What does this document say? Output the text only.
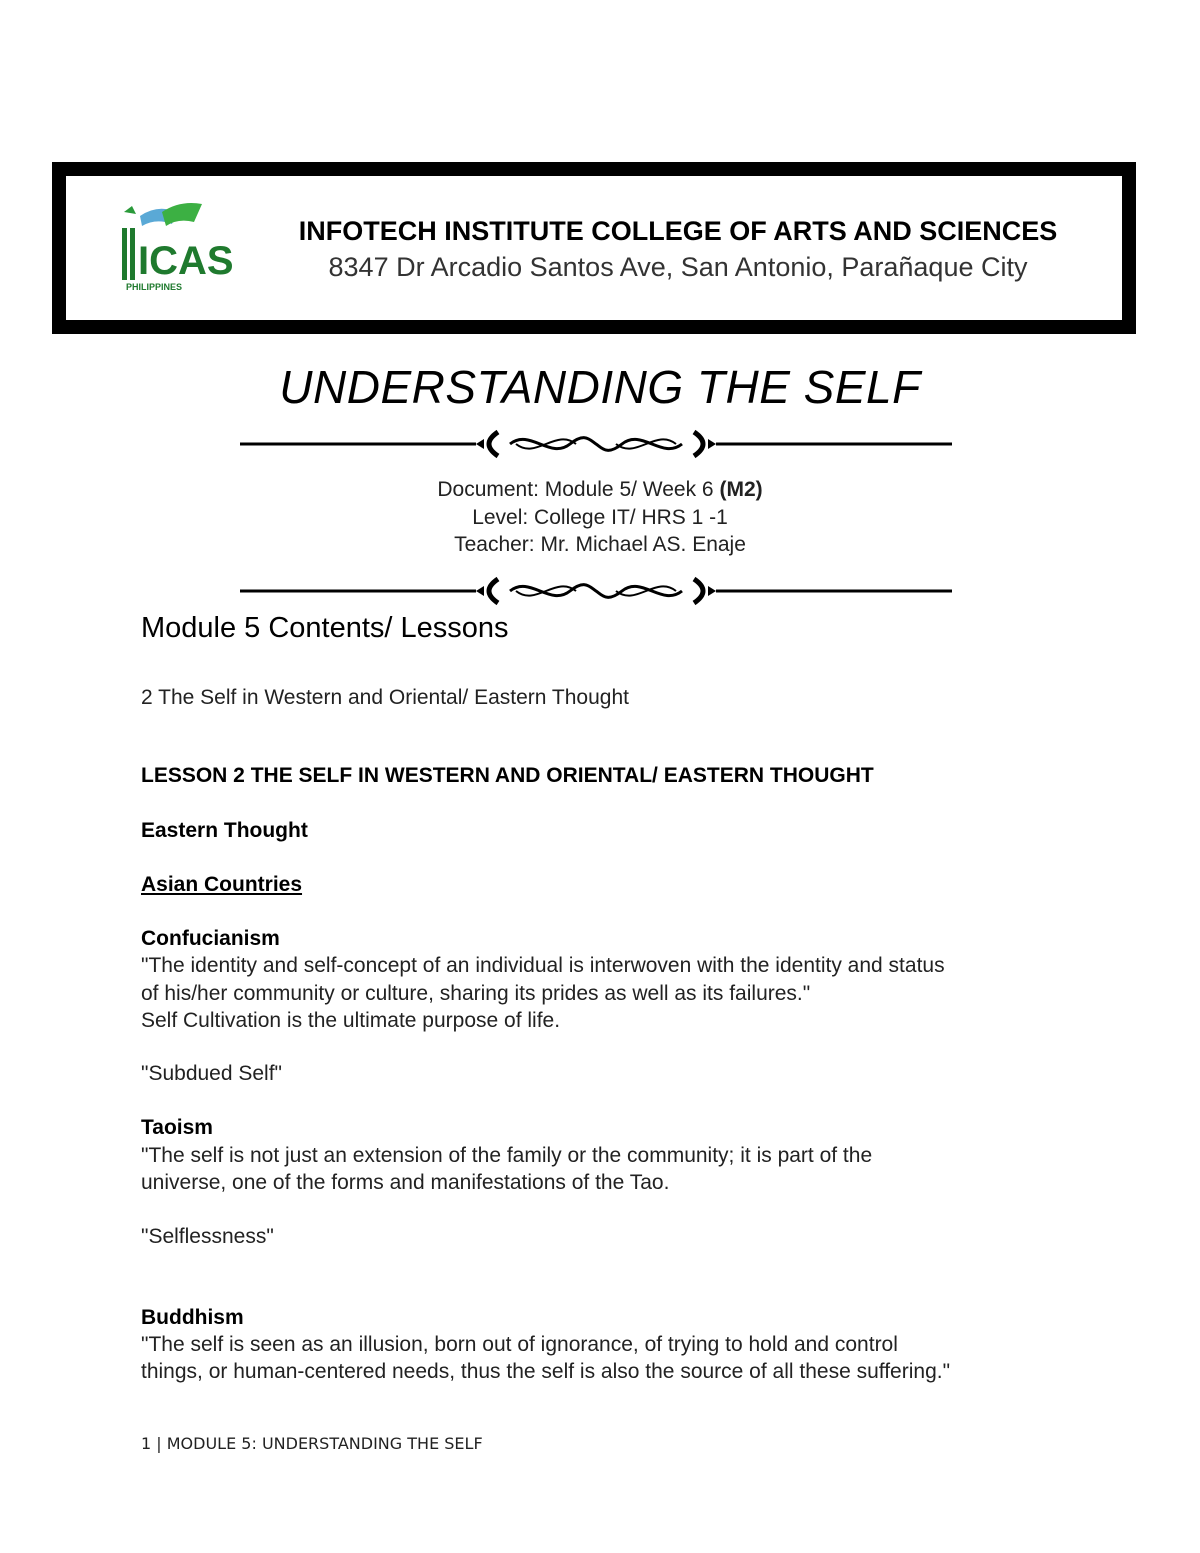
ICAS
PHILIPPINES
INFOTECH INSTITUTE COLLEGE OF ARTS AND SCIENCES
8347 Dr Arcadio Santos Ave, San Antonio, Parañaque City
UNDERSTANDING THE SELF
Document: Module 5/ Week 6 (M2)
Level: College IT/ HRS 1 -1
Teacher: Mr. Michael AS. Enaje
Module 5 Contents/ Lessons
2 The Self in Western and Oriental/ Eastern Thought
LESSON 2 THE SELF IN WESTERN AND ORIENTAL/ EASTERN THOUGHT
Eastern Thought
Asian Countries
Confucianism
"The identity and self-concept of an individual is interwoven with the identity and status
of his/her community or culture, sharing its prides as well as its failures."
Self Cultivation is the ultimate purpose of life.
"Subdued Self"
Taoism
"The self is not just an extension of the family or the community; it is part of the
universe, one of the forms and manifestations of the Tao.
"Selflessness"
Buddhism
"The self is seen as an illusion, born out of ignorance, of trying to hold and control
things, or human-centered needs, thus the self is also the source of all these suffering."
1 | MODULE 5: UNDERSTANDING THE SELF
